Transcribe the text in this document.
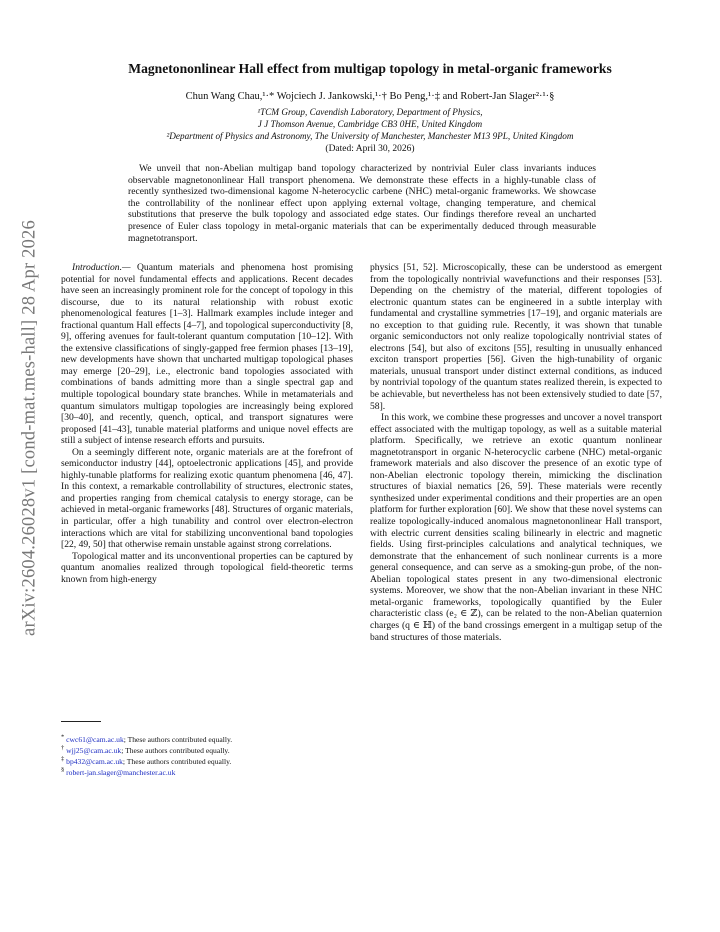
arXiv:2604.26028v1 [cond-mat.mes-hall] 28 Apr 2026
Magnetononlinear Hall effect from multigap topology in metal-organic frameworks
Chun Wang Chau,¹·* Wojciech J. Jankowski,¹·† Bo Peng,¹·‡ and Robert-Jan Slager²·¹·§
¹TCM Group, Cavendish Laboratory, Department of Physics,
J J Thomson Avenue, Cambridge CB3 0HE, United Kingdom
²Department of Physics and Astronomy, The University of Manchester, Manchester M13 9PL, United Kingdom
(Dated: April 30, 2026)
We unveil that non-Abelian multigap band topology characterized by nontrivial Euler class invariants induces observable magnetononlinear Hall transport phenomena. We demonstrate these effects in a highly-tunable class of recently synthesized two-dimensional kagome N-heterocyclic carbene (NHC) metal-organic frameworks. We showcase the controllability of the nonlinear effect upon applying external voltage, changing temperature, and chemical substitutions that preserve the bulk topology and associated edge states. Our findings therefore reveal an uncharted presence of Euler class topology in metal-organic materials that can be experimentally deduced through measurable magnetotransport.

Introduction.— Quantum materials and phenomena host promising potential for novel fundamental effects and applications. Recent decades have seen an increasingly prominent role for the concept of topology in this discourse, due to its natural relationship with robust exotic phenomenological features [1–3]. Hallmark examples include integer and fractional quantum Hall effects [4–7], and topological superconductivity [8, 9], offering avenues for fault-tolerant quantum computation [10–12]. With the extensive classifications of singly-gapped free fermion phases [13–19], new developments have shown that uncharted multigap topological phases may emerge [20–29], i.e., electronic band topologies associated with combinations of bands admitting more than a single spectral gap and multiple topological boundary state branches. While in metamaterials and quantum simulators multigap topologies are increasingly being explored [30–40], and recently, quench, optical, and transport signatures were proposed [41–43], tunable material platforms and unique novel effects are still a subject of intense research efforts and pursuits.

On a seemingly different note, organic materials are at the forefront of semiconductor industry [44], optoelectronic applications [45], and provide highly-tunable platforms for realizing exotic quantum phenomena [46, 47]. In this context, a remarkable controllability of structures, electronic states, and properties ranging from chemical catalysis to energy storage, can be achieved in metal-organic frameworks [48]. Structures of organic materials, in particular, offer a high tunability and control over electron-electron interactions which are vital for stabilizing unconventional band topologies [22, 49, 50] that otherwise remain unstable against strong correlations.

Topological matter and its unconventional properties can be captured by quantum anomalies realized through topological field-theoretic terms known from high-energy

physics [51, 52]. Microscopically, these can be understood as emergent from the topologically nontrivial wavefunctions and their responses [53]. Depending on the chemistry of the material, different topologies of electronic quantum states can be engineered in a subtle interplay with fundamental and crystalline symmetries [17–19], and organic materials are no exception to that guiding rule. Recently, it was shown that tunable organic semiconductors not only realize topologically nontrivial states of electrons [54], but also of excitons [55], resulting in unusually enhanced exciton transport properties [56]. Given the high-tunability of organic materials, unusual transport under distinct external conditions, as induced by nontrivial topology of the quantum states realized therein, is expected to be achievable, but nevertheless has not been extensively studied to date [57, 58].

In this work, we combine these progresses and uncover a novel transport effect associated with the multigap topology, as well as a suitable material platform. Specifically, we retrieve an exotic quantum nonlinear magnetotransport in organic N-heterocyclic carbene (NHC) metal-organic framework materials and also discover the presence of an exotic type of non-Abelian electronic topology therein, mimicking the disclination structures of biaxial nematics [26, 59]. These materials were recently synthesized under experimental conditions and their properties are an open platform for further exploration [60]. We show that these novel systems can realize topologically-induced anomalous magnetononlinear Hall transport, with electric current densities scaling bilinearly in electric and magnetic fields. Using first-principles calculations and analytical techniques, we demonstrate that the enhancement of such nonlinear currents is a more general consequence, and can serve as a smoking-gun probe, of the non-Abelian topological states present in any two-dimensional electronic systems. Moreover, we show that the non-Abelian invariant in these NHC metal-organic frameworks, topologically quantified by the Euler characteristic class (e₂ ∈ ℤ), can be related to the non-Abelian quaternion charges (q ∈ ℍ) of the band crossings emergent in a multigap setup of the band structures of those materials.

* cwc61@cam.ac.uk; These authors contributed equally.
† wjj25@cam.ac.uk; These authors contributed equally.
‡ bp432@cam.ac.uk; These authors contributed equally.
§ robert-jan.slager@manchester.ac.uk
